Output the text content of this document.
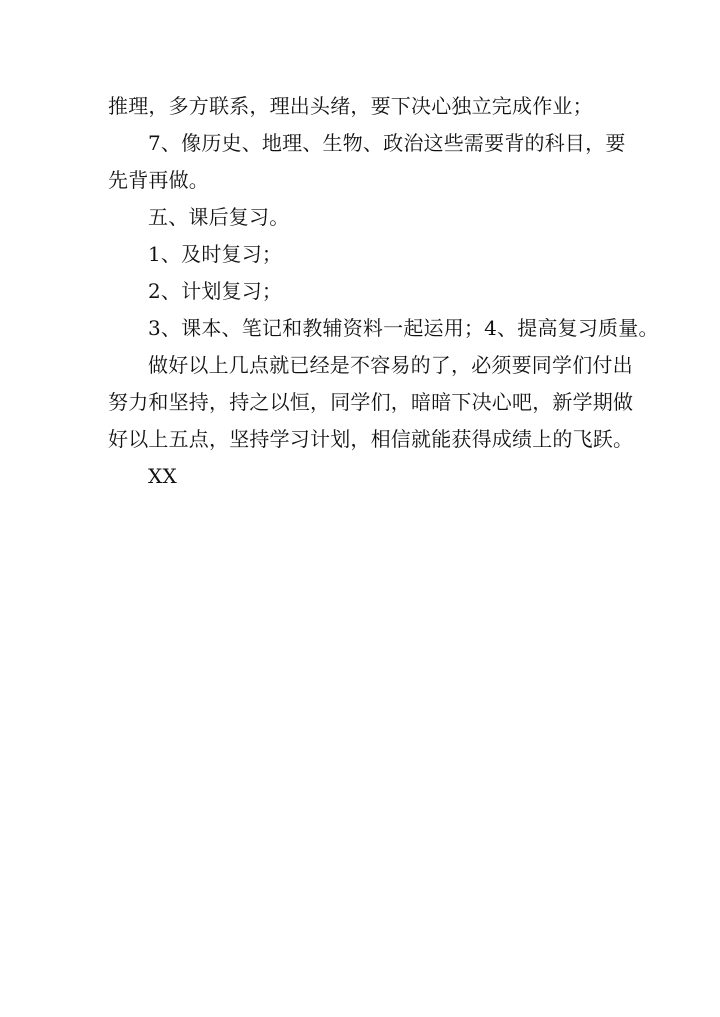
推理，多方联系，理出头绪，要下决心独立完成作业；
7、像历史、地理、生物、政治这些需要背的科目，要
先背再做。
五、课后复习。
1、及时复习；
2、计划复习；
3、课本、笔记和教辅资料一起运用；4、提高复习质量。
做好以上几点就已经是不容易的了，必须要同学们付出
努力和坚持，持之以恒，同学们，暗暗下决心吧，新学期做
好以上五点，坚持学习计划，相信就能获得成绩上的飞跃。
XX
